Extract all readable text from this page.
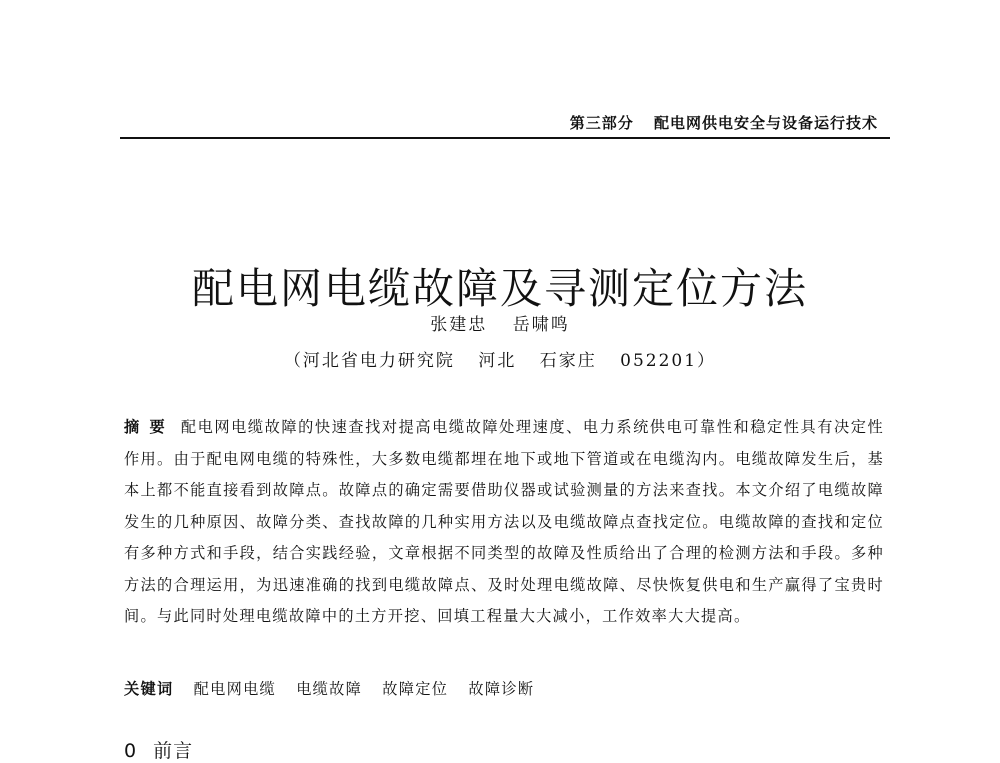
第三部分 配电网供电安全与设备运行技术
配电网电缆故障及寻测定位方法
张建忠 岳啸鸣
（河北省电力研究院 河北 石家庄 052201）
摘要 配电网电缆故障的快速查找对提高电缆故障处理速度、电力系统供电可靠性和稳定性具有决定性作用。由于配电网电缆的特殊性，大多数电缆都埋在地下或地下管道或在电缆沟内。电缆故障发生后，基本上都不能直接看到故障点。故障点的确定需要借助仪器或试验测量的方法来查找。本文介绍了电缆故障发生的几种原因、故障分类、查找故障的几种实用方法以及电缆故障点查找定位。电缆故障的查找和定位有多种方式和手段，结合实践经验，文章根据不同类型的故障及性质给出了合理的检测方法和手段。多种方法的合理运用，为迅速准确的找到电缆故障点、及时处理电缆故障、尽快恢复供电和生产赢得了宝贵时间。与此同时处理电缆故障中的土方开挖、回填工程量大大减小，工作效率大大提高。
关键词 配电网电缆 电缆故障 故障定位 故障诊断
0 前言
